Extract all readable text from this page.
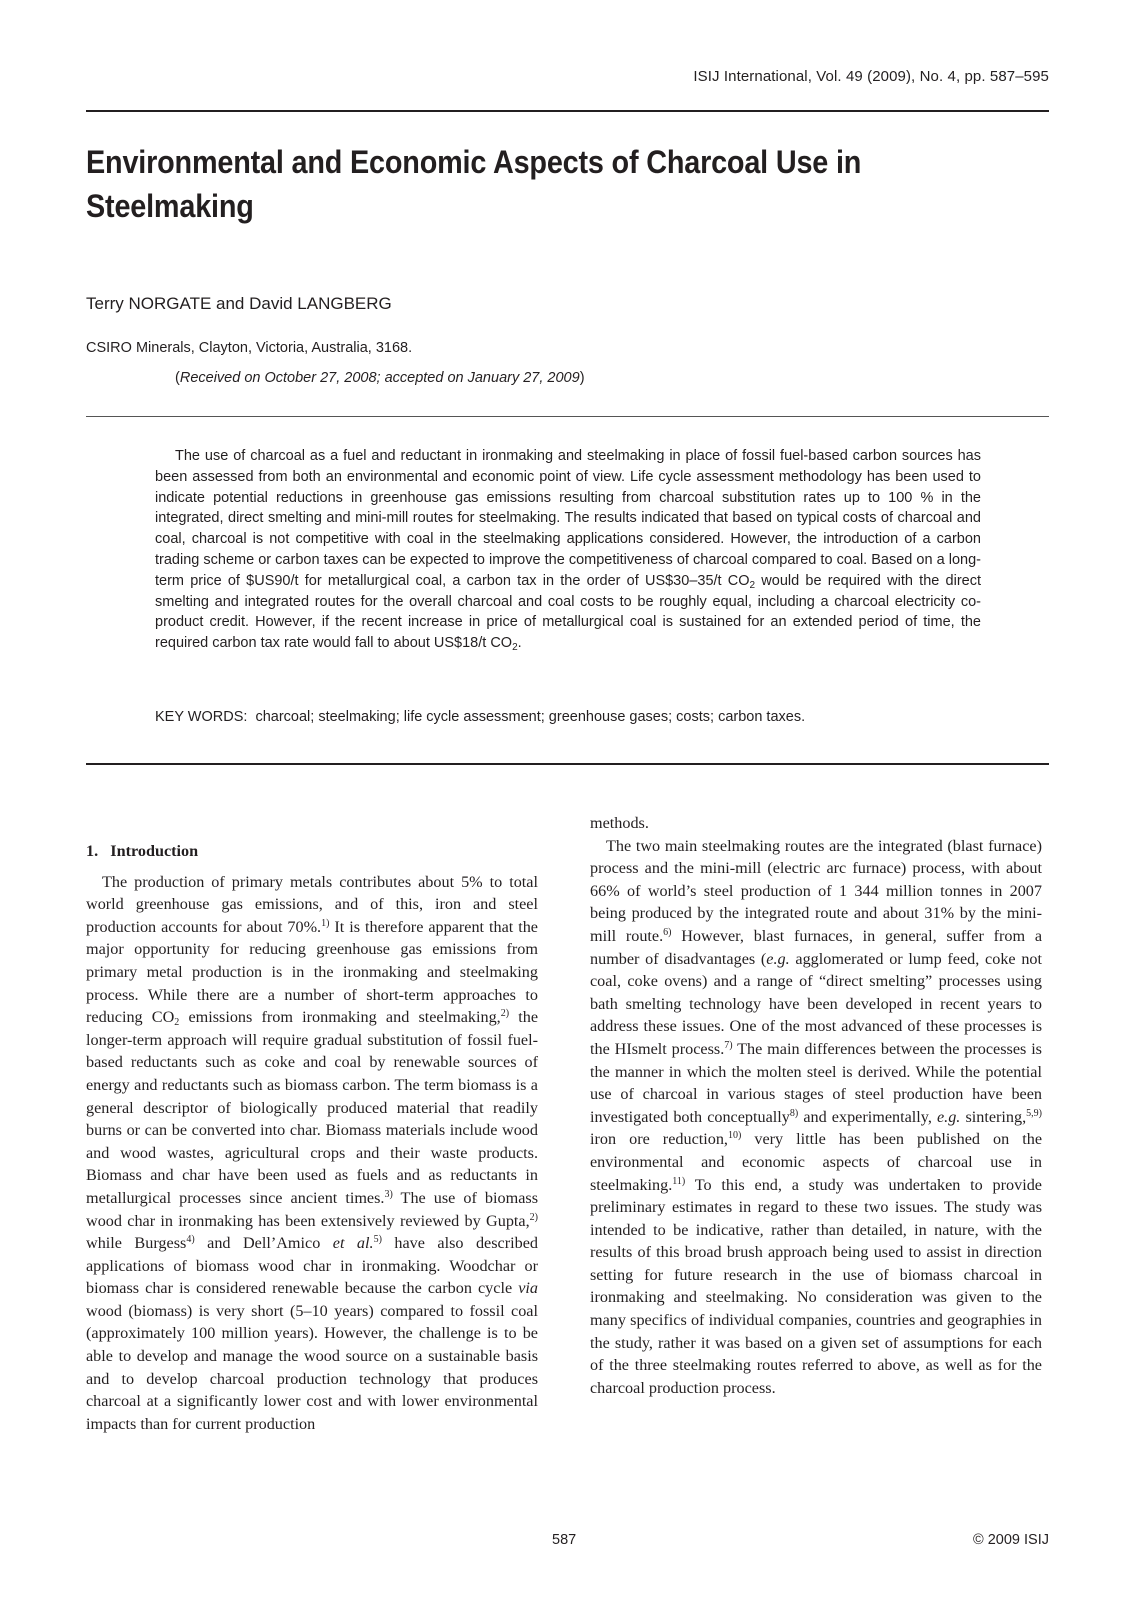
ISIJ International, Vol. 49 (2009), No. 4, pp. 587–595
Environmental and Economic Aspects of Charcoal Use in Steelmaking
Terry NORGATE and David LANGBERG
CSIRO Minerals, Clayton, Victoria, Australia, 3168.
(Received on October 27, 2008; accepted on January 27, 2009)

The use of charcoal as a fuel and reductant in ironmaking and steelmaking in place of fossil fuel-based carbon sources has been assessed from both an environmental and economic point of view. Life cycle assessment methodology has been used to indicate potential reductions in greenhouse gas emissions resulting from charcoal substitution rates up to 100 % in the integrated, direct smelting and mini-mill routes for steelmaking. The results indicated that based on typical costs of charcoal and coal, charcoal is not competitive with coal in the steelmaking applications considered. However, the introduction of a carbon trading scheme or carbon taxes can be expected to improve the competitiveness of charcoal compared to coal. Based on a long-term price of $US90/t for metallurgical coal, a carbon tax in the order of US$30–35/t $CO_2$ would be required with the direct smelting and integrated routes for the overall charcoal and coal costs to be roughly equal, including a charcoal electricity co-product credit. However, if the recent increase in price of metallurgical coal is sustained for an extended period of time, the required carbon tax rate would fall to about US$18/t $CO_2$.

KEY WORDS: charcoal; steelmaking; life cycle assessment; greenhouse gases; costs; carbon taxes.
1. Introduction

The production of primary metals contributes about 5% to total world greenhouse gas emissions, and of this, iron and steel production accounts for about 70%.$^{1)}$ It is therefore apparent that the major opportunity for reducing greenhouse gas emissions from primary metal production is in the ironmaking and steelmaking process. While there are a number of short-term approaches to reducing $CO_2$ emissions from ironmaking and steelmaking,$^{2)}$ the longer-term approach will require gradual substitution of fossil fuel-based reductants such as coke and coal by renewable sources of energy and reductants such as biomass carbon. The term biomass is a general descriptor of biologically produced material that readily burns or can be converted into char. Biomass materials include wood and wood wastes, agricultural crops and their waste products. Biomass and char have been used as fuels and as reductants in metallurgical processes since ancient times.$^{3)}$ The use of biomass wood char in ironmaking has been extensively reviewed by Gupta,$^{2)}$ while Burgess$^{4)}$ and Dell’Amico et al.$^{5)}$ have also described applications of biomass wood char in ironmaking. Woodchar or biomass char is considered renewable because the carbon cycle via wood (biomass) is very short (5–10 years) compared to fossil coal (approximately 100 million years). However, the challenge is to be able to develop and manage the wood source on a sustainable basis and to develop charcoal production technology that produces charcoal at a significantly lower cost and with lower environmental impacts than for current production

methods.

The two main steelmaking routes are the integrated (blast furnace) process and the mini-mill (electric arc furnace) process, with about 66% of world’s steel production of 1 344 million tonnes in 2007 being produced by the integrated route and about 31% by the mini-mill route.$^{6)}$ However, blast furnaces, in general, suffer from a number of disadvantages (e.g. agglomerated or lump feed, coke not coal, coke ovens) and a range of “direct smelting” processes using bath smelting technology have been developed in recent years to address these issues. One of the most advanced of these processes is the HIsmelt process.$^{7)}$ The main differences between the processes is the manner in which the molten steel is derived. While the potential use of charcoal in various stages of steel production have been investigated both conceptually$^{8)}$ and experimentally, e.g. sintering,$^{5,9)}$ iron ore reduction,$^{10)}$ very little has been published on the environmental and economic aspects of charcoal use in steelmaking.$^{11)}$ To this end, a study was undertaken to provide preliminary estimates in regard to these two issues. The study was intended to be indicative, rather than detailed, in nature, with the results of this broad brush approach being used to assist in direction setting for future research in the use of biomass charcoal in ironmaking and steelmaking. No consideration was given to the many specifics of individual companies, countries and geographies in the study, rather it was based on a given set of assumptions for each of the three steelmaking routes referred to above, as well as for the charcoal production process.

587	© 2009 ISIJ
